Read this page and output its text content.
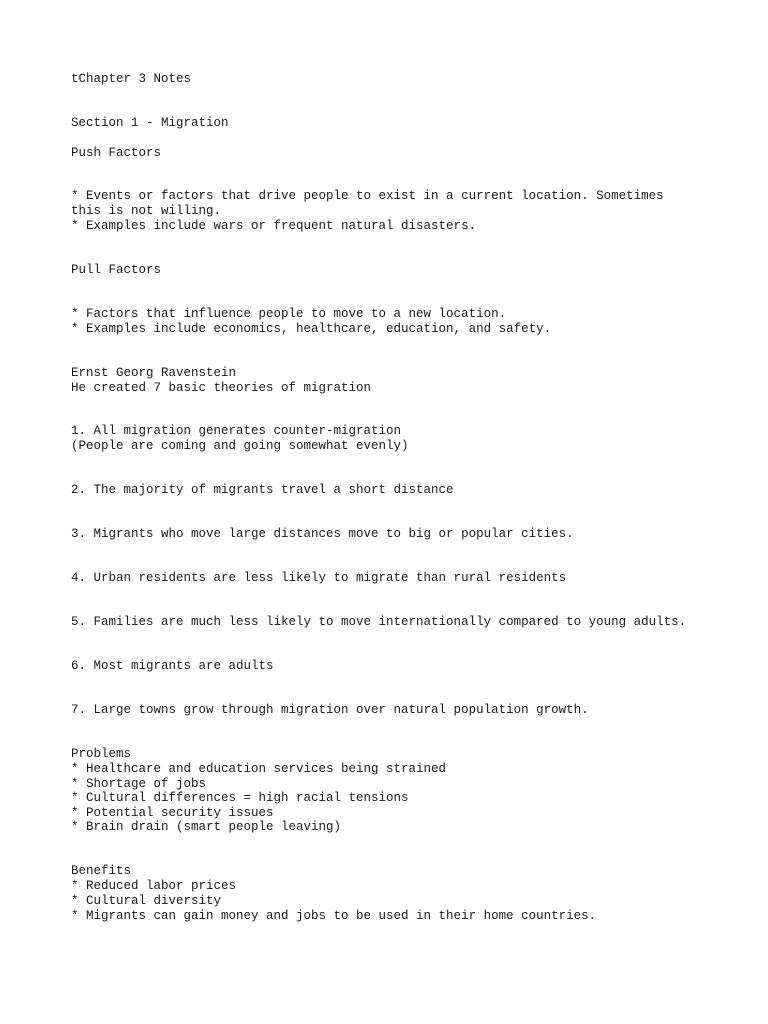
tChapter 3 Notes
Section 1 - Migration
Push Factors
* Events or factors that drive people to exist in a current location. Sometimes
this is not willing.
* Examples include wars or frequent natural disasters.
Pull Factors
* Factors that influence people to move to a new location.
* Examples include economics, healthcare, education, and safety.
Ernst Georg Ravenstein
He created 7 basic theories of migration
1. All migration generates counter-migration
(People are coming and going somewhat evenly)
2. The majority of migrants travel a short distance
3. Migrants who move large distances move to big or popular cities.
4. Urban residents are less likely to migrate than rural residents
5. Families are much less likely to move internationally compared to young adults.
6. Most migrants are adults
7. Large towns grow through migration over natural population growth.
Problems
* Healthcare and education services being strained
* Shortage of jobs
* Cultural differences = high racial tensions
* Potential security issues
* Brain drain (smart people leaving)
Benefits
* Reduced labor prices
* Cultural diversity
* Migrants can gain money and jobs to be used in their home countries.
